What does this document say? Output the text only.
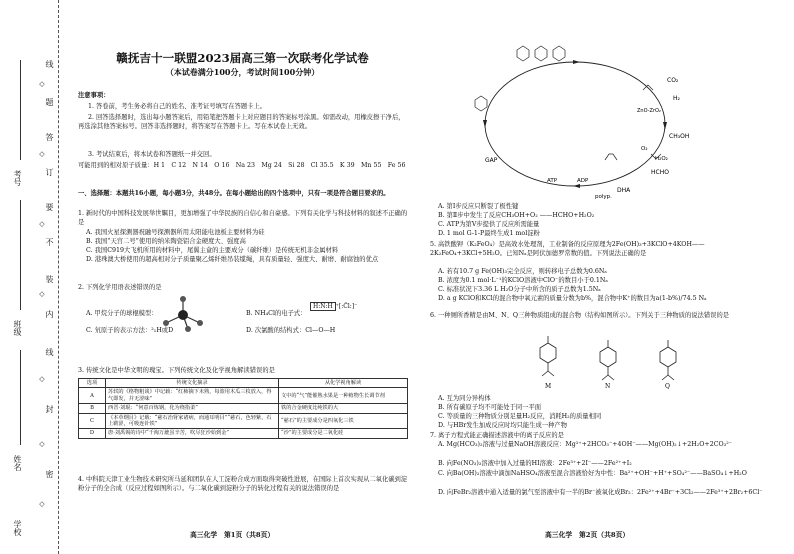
线
题
答
订
要
不
装
内
线
封
密
◇
◇
◇
◇
◇
◇
◇
考号
班级
姓名
学校
赣抚吉十一联盟2023届高三第一次联考化学试卷
（本试卷满分100分，考试时间100分钟）
注意事项：
1. 答卷前，考生务必将自己的姓名、准考证号填写在答题卡上。
2. 回答选择题时，选出每小题答案后，用铅笔把答题卡上对应题目的答案标号涂黑。如需改动，用橡皮擦干净后，再选涂其他答案标号。回答非选择题时，将答案写在答题卡上。写在本试卷上无效。
3. 考试结束后，将本试卷和答题纸一并交回。
可能用到的相对原子质量：H 1　C 12　N 14　O 16　Na 23　Mg 24　Si 28　Cl 35.5　K 39　Mn 55　Fe 56
一、选择题：本题共16小题，每小题3分，共48分。在每小题给出的四个选项中，只有一项是符合题目要求的。
1. 新时代的中国科技发展举世瞩目，更加增强了中华民族的自信心和自豪感。下列有关化学与科技材料的叙述不正确的是
A. 我国火星探测器祝融号探测器所用太阳能电池板主要材料为硅
B. 我国“天宫二号”使用的纳米陶瓷铝合金硬度大、强度高
C. 我国C919大飞机所用的材料中，尾翼主盒的主要成分（碳纤维）是传统无机非金属材料
D. 港珠澳大桥使用的超高相对分子质量聚乙烯纤维吊装缆绳，具有质量轻、强度大、耐磨、耐腐蚀的优点
2. 下列化学用语表述错误的是
A. 甲烷分子的球棍模型：	B. NH₄Cl的电子式：
H:N̈:H ⁺[:C̈l:]⁻
C. 氘原子的表示方法：²₁H或D	D. 次氯酸的结构式：Cl—O—H
3. 传统文化是中华文明的瑰宝。下列传统文化及化学视角解读错误的是
选项	传统文化摘录	从化学视角解读
A	苏轼的《格物粗谈》中记载：“红柿摘下未熟，每篮用木瓜三枚放入，得气即发，并无涩味”	文中的“气”能催熟水果是一种植物生长调节剂
B	西晋·刘琨：“何意百炼钢，化为绕指柔”	铁的合金硬度比纯铁的大
C	《本草纲目》记载：“慈石治肾家诸病，而通耳明目”“慈石，色轻紫，石上皲涩，可吸连针铁”	“慈石”的主要成分是四氧化三铁
D	唐·刘禹锡的诗中“千淘万漉虽辛苦，吹尽狂沙始到金”	“沙”的主要成分是二氧化硅
4. 中科院天津工业生物技术研究所马延和团队在人工淀粉合成方面取得突破性进展，在国际上首次实现从二氧化碳到淀粉分子的全合成（反应过程如图所示）。与二氧化碳到淀粉分子的转化过程有关的说法错误的是
高三化学　第1页（共8页）
CO₂
H₂
ZnO-ZrO₂
CH₃OH
HCHO
O₂
H₂O₂
DHA
GAP
ADP
ATP
polyp.
A. 第Ⅰ步反应只断裂了极性键
B. 第Ⅱ步中发生了反应CH₃OH+O₂ ——HCHO+H₂O₂
C. ATP为第Ⅴ步提供了反应所需能量
D. 1 mol G-1-P最终生成1 mol淀粉
5. 高铁酸钾（K₂FeO₄）是高效水处理剂，工业制备的反应原理为2Fe(OH)₃+3KClO+4KOH——2K₂FeO₄+3KCl+5H₂O。已知Nₐ是阿伏加德罗常数的值。下列说法正确的是
A. 若有10.7 g Fe(OH)₃完全反应，则转移电子总数为0.6Nₐ
B. 浓度为0.1 mol·L⁻¹的KClO溶液中ClO⁻的数目小于0.1Nₐ
C. 标准状况下3.36 L H₂O分子中所含的质子总数为1.5Nₐ
D. a g KClO和KCl的混合物中氧元素的质量分数为b%，混合物中K⁺的数目为a(1-b%)/74.5 Nₐ
6. 一种厕所香精是由M、N、Q三种物质组成的混合物（结构如图所示）。下列关于三种物质的说法错误的是
M	N	Q
A. 互为同分异构体
B. 所有碳原子均不可能处于同一平面
C. 等质量的三种物质分别足量H₂反应，消耗H₂的质量相同
D. 与HBr发生加成反应时均只能生成一种产物
7. 离子方程式能正确描述溶液中的离子反应的是
A. Mg(HCO₃)₂溶液与过量NaOH溶液反应：Mg²⁺+2HCO₃⁻+4OH⁻——Mg(OH)₂↓+2H₂O+2CO₃²⁻
B. 向Fe(NO₃)₃溶液中加入过量的HI溶液：2Fe³⁺+2I⁻——2Fe²⁺+I₂
C. 向Ba(OH)₂溶液中滴加NaHSO₄溶液至混合溶液恰好为中性：Ba²⁺+OH⁻+H⁺+SO₄²⁻——BaSO₄↓+H₂O
D. 向FeBr₂溶液中通入适量的氯气至溶液中有一半的Br⁻被氧化成Br₂：2Fe²⁺+4Br⁻+3Cl₂——2Fe³⁺+2Br₂+6Cl⁻
高三化学　第2页（共8页）
